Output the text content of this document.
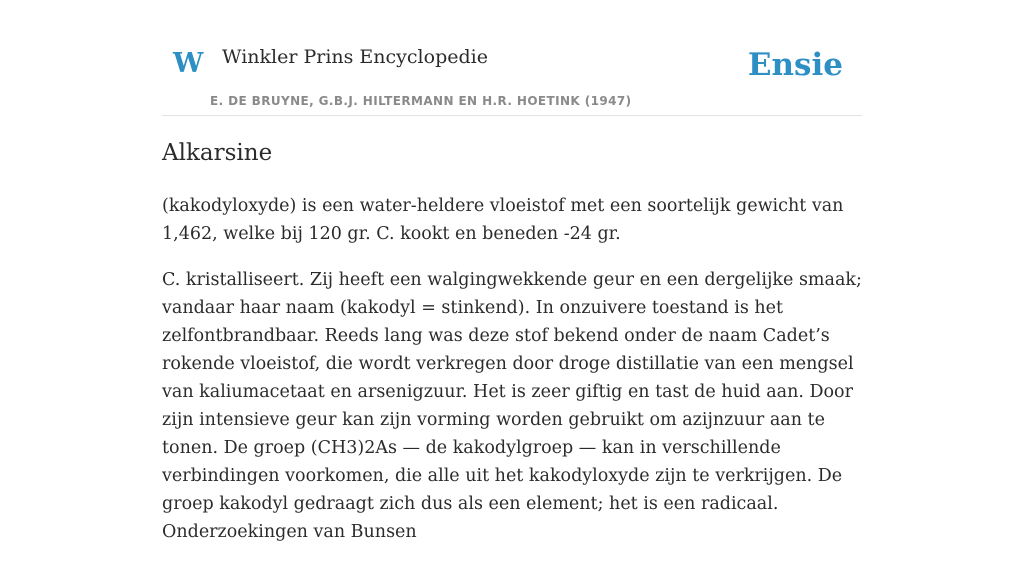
W Winkler Prins Encyclopedie
E. DE BRUYNE, G.B.J. HILTERMANN EN H.R. HOETINK (1947)
Ensie
Alkarsine

(kakodyloxyde) is een water-heldere vloeistof met een soortelijk gewicht van 1,462, welke bij 120 gr. C. kookt en beneden -24 gr.

C. kristalliseert. Zij heeft een walgingwekkende geur en een dergelijke smaak; vandaar haar naam (kakodyl = stinkend). In onzuivere toestand is het zelfontbrandbaar. Reeds lang was deze stof bekend onder de naam Cadet’s rokende vloeistof, die wordt verkregen door droge distillatie van een mengsel van kaliumacetaat en arsenigzuur. Het is zeer giftig en tast de huid aan. Door zijn intensieve geur kan zijn vorming worden gebruikt om azijnzuur aan te tonen. De groep (CH3)2As — de kakodylgroep — kan in verschillende verbindingen voorkomen, die alle uit het kakodyloxyde zijn te verkrijgen. De groep kakodyl gedraagt zich dus als een element; het is een radicaal. Onderzoekingen van Bunsen
